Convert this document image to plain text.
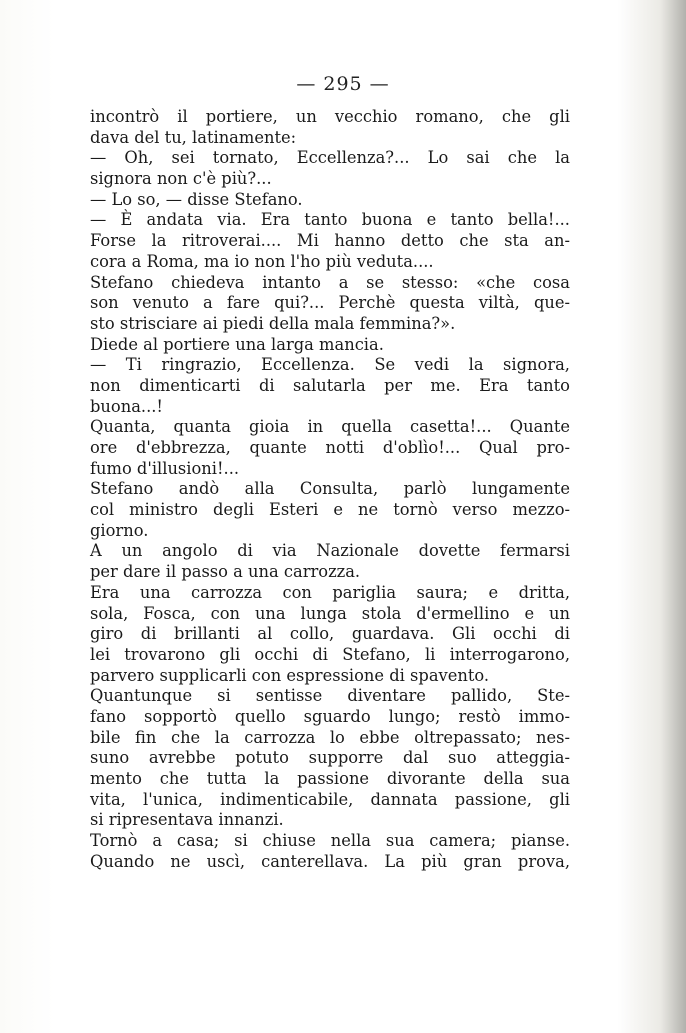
— 295 —
incontrò il portiere, un vecchio romano, che gli
dava del tu, latinamente:
— Oh, sei tornato, Eccellenza?... Lo sai che la
signora non c'è più?...
— Lo so, — disse Stefano.
— È andata via. Era tanto buona e tanto bella!...
Forse la ritroverai.... Mi hanno detto che sta an-
cora a Roma, ma io non l'ho più veduta....
Stefano chiedeva intanto a se stesso: «che cosa
son venuto a fare qui?... Perchè questa viltà, que-
sto strisciare ai piedi della mala femmina?».
Diede al portiere una larga mancia.
— Ti ringrazio, Eccellenza. Se vedi la signora,
non dimenticarti di salutarla per me. Era tanto
buona...!
Quanta, quanta gioia in quella casetta!... Quante
ore d'ebbrezza, quante notti d'oblìo!... Qual pro-
fumo d'illusioni!...
Stefano andò alla Consulta, parlò lungamente
col ministro degli Esteri e ne tornò verso mezzo-
giorno.
A un angolo di via Nazionale dovette fermarsi
per dare il passo a una carrozza.
Era una carrozza con pariglia saura; e dritta,
sola, Fosca, con una lunga stola d'ermellino e un
giro di brillanti al collo, guardava. Gli occhi di
lei trovarono gli occhi di Stefano, li interrogarono,
parvero supplicarli con espressione di spavento.
Quantunque si sentisse diventare pallido, Ste-
fano sopportò quello sguardo lungo; restò immo-
bile fin che la carrozza lo ebbe oltrepassato; nes-
suno avrebbe potuto supporre dal suo atteggia-
mento che tutta la passione divorante della sua
vita, l'unica, indimenticabile, dannata passione, gli
si ripresentava innanzi.
Tornò a casa; si chiuse nella sua camera; pianse.
Quando ne uscì, canterellava. La più gran prova,
